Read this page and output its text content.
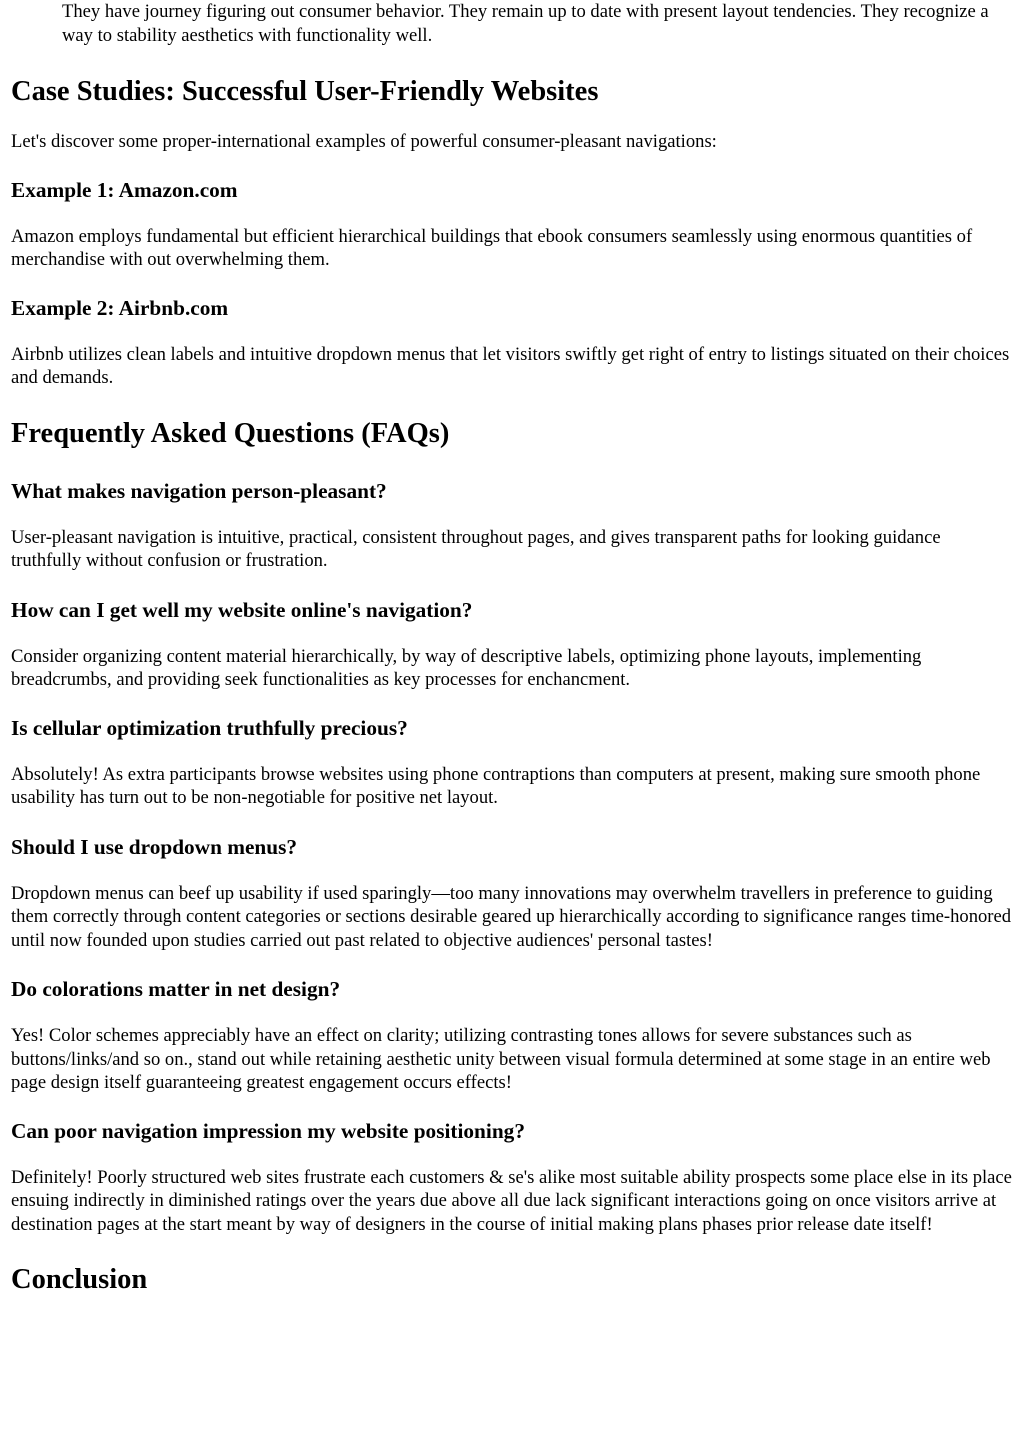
They have journey figuring out consumer behavior. They remain up to date with present layout tendencies. They recognize a way to stability aesthetics with functionality well.

Case Studies: Successful User-Friendly Websites

Let's discover some proper-international examples of powerful consumer-pleasant navigations:

Example 1: Amazon.com

Amazon employs fundamental but efficient hierarchical buildings that ebook consumers seamlessly using enormous quantities of merchandise with out overwhelming them.

Example 2: Airbnb.com

Airbnb utilizes clean labels and intuitive dropdown menus that let visitors swiftly get right of entry to listings situated on their choices and demands.

Frequently Asked Questions (FAQs)
What makes navigation person-pleasant?

User-pleasant navigation is intuitive, practical, consistent throughout pages, and gives transparent paths for looking guidance truthfully without confusion or frustration.

How can I get well my website online's navigation?

Consider organizing content material hierarchically, by way of descriptive labels, optimizing phone layouts, implementing breadcrumbs, and providing seek functionalities as key processes for enchancment.

Is cellular optimization truthfully precious?

Absolutely! As extra participants browse websites using phone contraptions than computers at present, making sure smooth phone usability has turn out to be non-negotiable for positive net layout.

Should I use dropdown menus?

Dropdown menus can beef up usability if used sparingly—too many innovations may overwhelm travellers in preference to guiding them correctly through content categories or sections desirable geared up hierarchically according to significance ranges time-honored until now founded upon studies carried out past related to objective audiences' personal tastes!

Do colorations matter in net design?

Yes! Color schemes appreciably have an effect on clarity; utilizing contrasting tones allows for severe substances such as buttons/links/and so on., stand out while retaining aesthetic unity between visual formula determined at some stage in an entire web page design itself guaranteeing greatest engagement occurs effects!

Can poor navigation impression my website positioning?

Definitely! Poorly structured web sites frustrate each customers & se's alike most suitable ability prospects some place else in its place ensuing indirectly in diminished ratings over the years due above all due lack significant interactions going on once visitors arrive at destination pages at the start meant by way of designers in the course of initial making plans phases prior release date itself!

Conclusion
